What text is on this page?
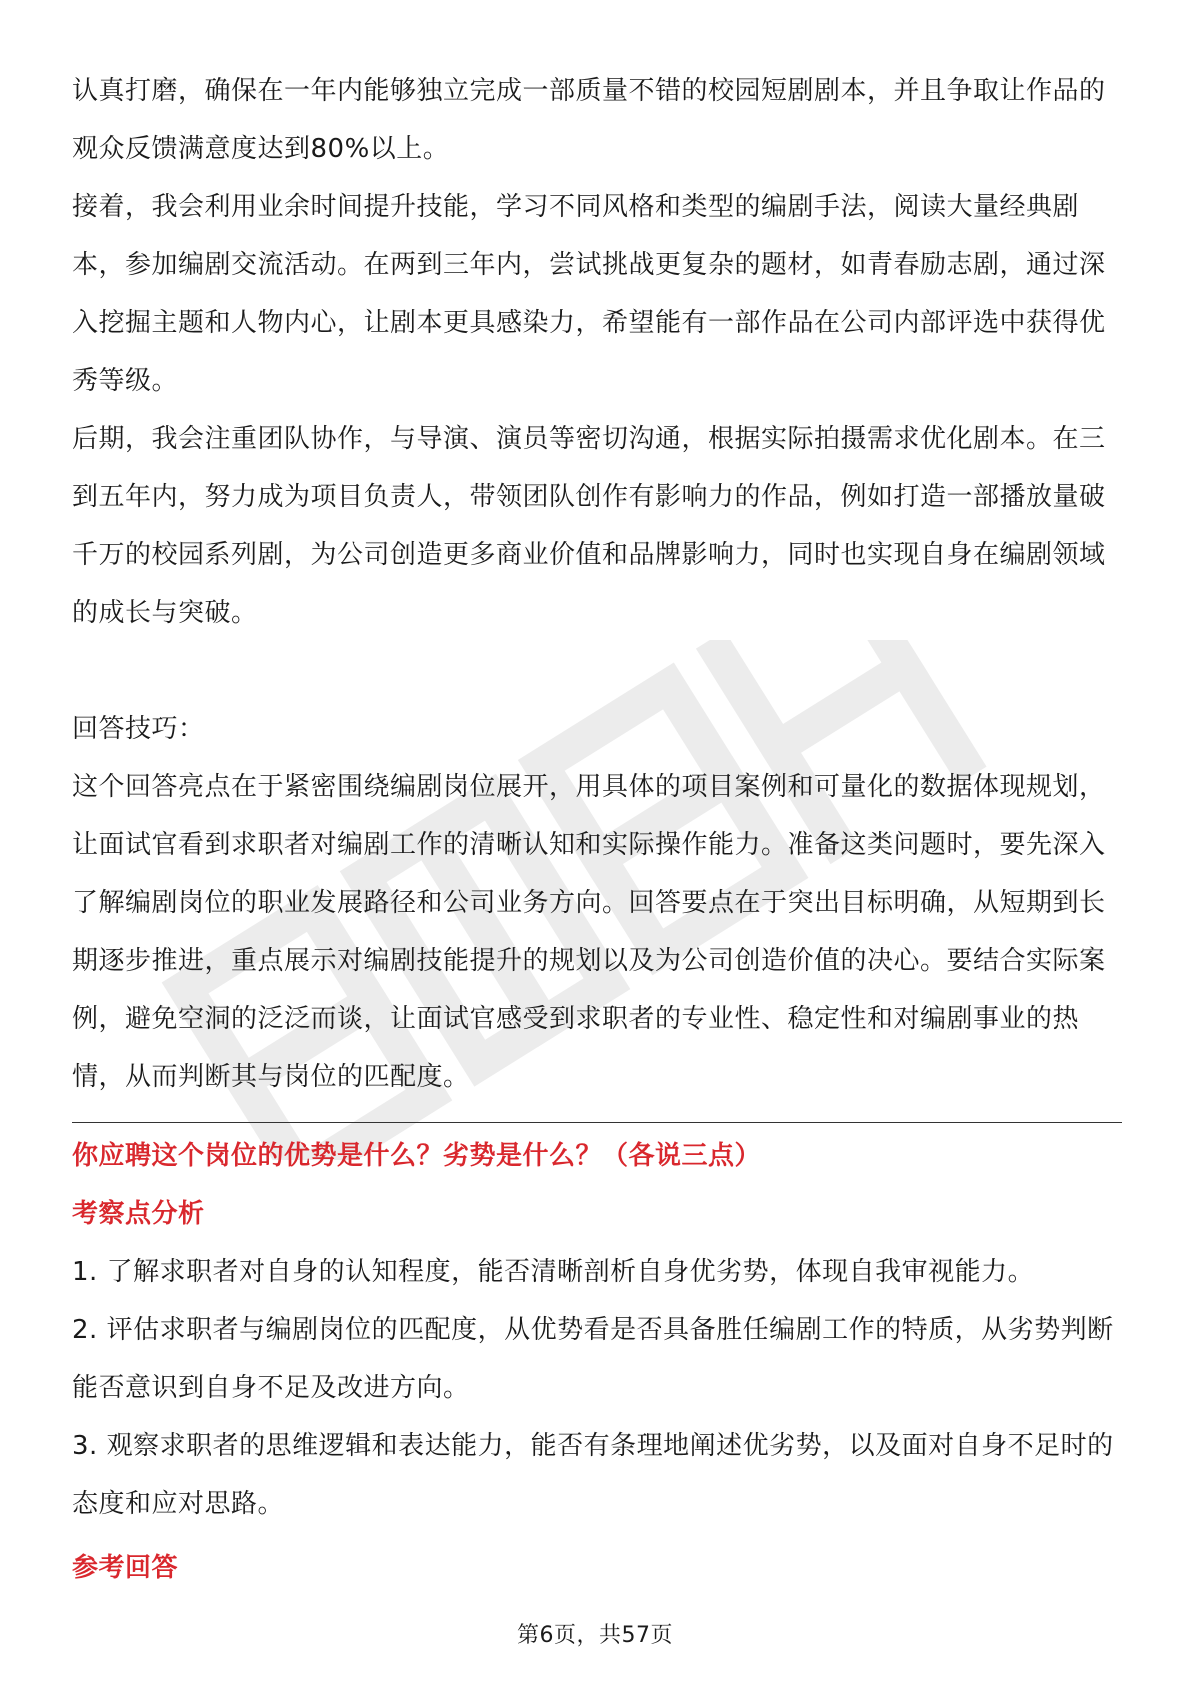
认真打磨，确保在一年内能够独立完成一部质量不错的校园短剧剧本，并且争取让作品的观众反馈满意度达到80%以上。

接着，我会利用业余时间提升技能，学习不同风格和类型的编剧手法，阅读大量经典剧本，参加编剧交流活动。在两到三年内，尝试挑战更复杂的题材，如青春励志剧，通过深入挖掘主题和人物内心，让剧本更具感染力，希望能有一部作品在公司内部评选中获得优秀等级。

后期，我会注重团队协作，与导演、演员等密切沟通，根据实际拍摄需求优化剧本。在三到五年内，努力成为项目负责人，带领团队创作有影响力的作品，例如打造一部播放量破千万的校园系列剧，为公司创造更多商业价值和品牌影响力，同时也实现自身在编剧领域的成长与突破。

回答技巧：

这个回答亮点在于紧密围绕编剧岗位展开，用具体的项目案例和可量化的数据体现规划，让面试官看到求职者对编剧工作的清晰认知和实际操作能力。准备这类问题时，要先深入了解编剧岗位的职业发展路径和公司业务方向。回答要点在于突出目标明确，从短期到长期逐步推进，重点展示对编剧技能提升的规划以及为公司创造价值的决心。要结合实际案例，避免空洞的泛泛而谈，让面试官感受到求职者的专业性、稳定性和对编剧事业的热情，从而判断其与岗位的匹配度。

你应聘这个岗位的优势是什么？劣势是什么？（各说三点）

考察点分析

1. 了解求职者对自身的认知程度，能否清晰剖析自身优劣势，体现自我审视能力。

2. 评估求职者与编剧岗位的匹配度，从优势看是否具备胜任编剧工作的特质，从劣势判断能否意识到自身不足及改进方向。

3. 观察求职者的思维逻辑和表达能力，能否有条理地阐述优劣势，以及面对自身不足时的态度和应对思路。

参考回答

第6页，共57页
